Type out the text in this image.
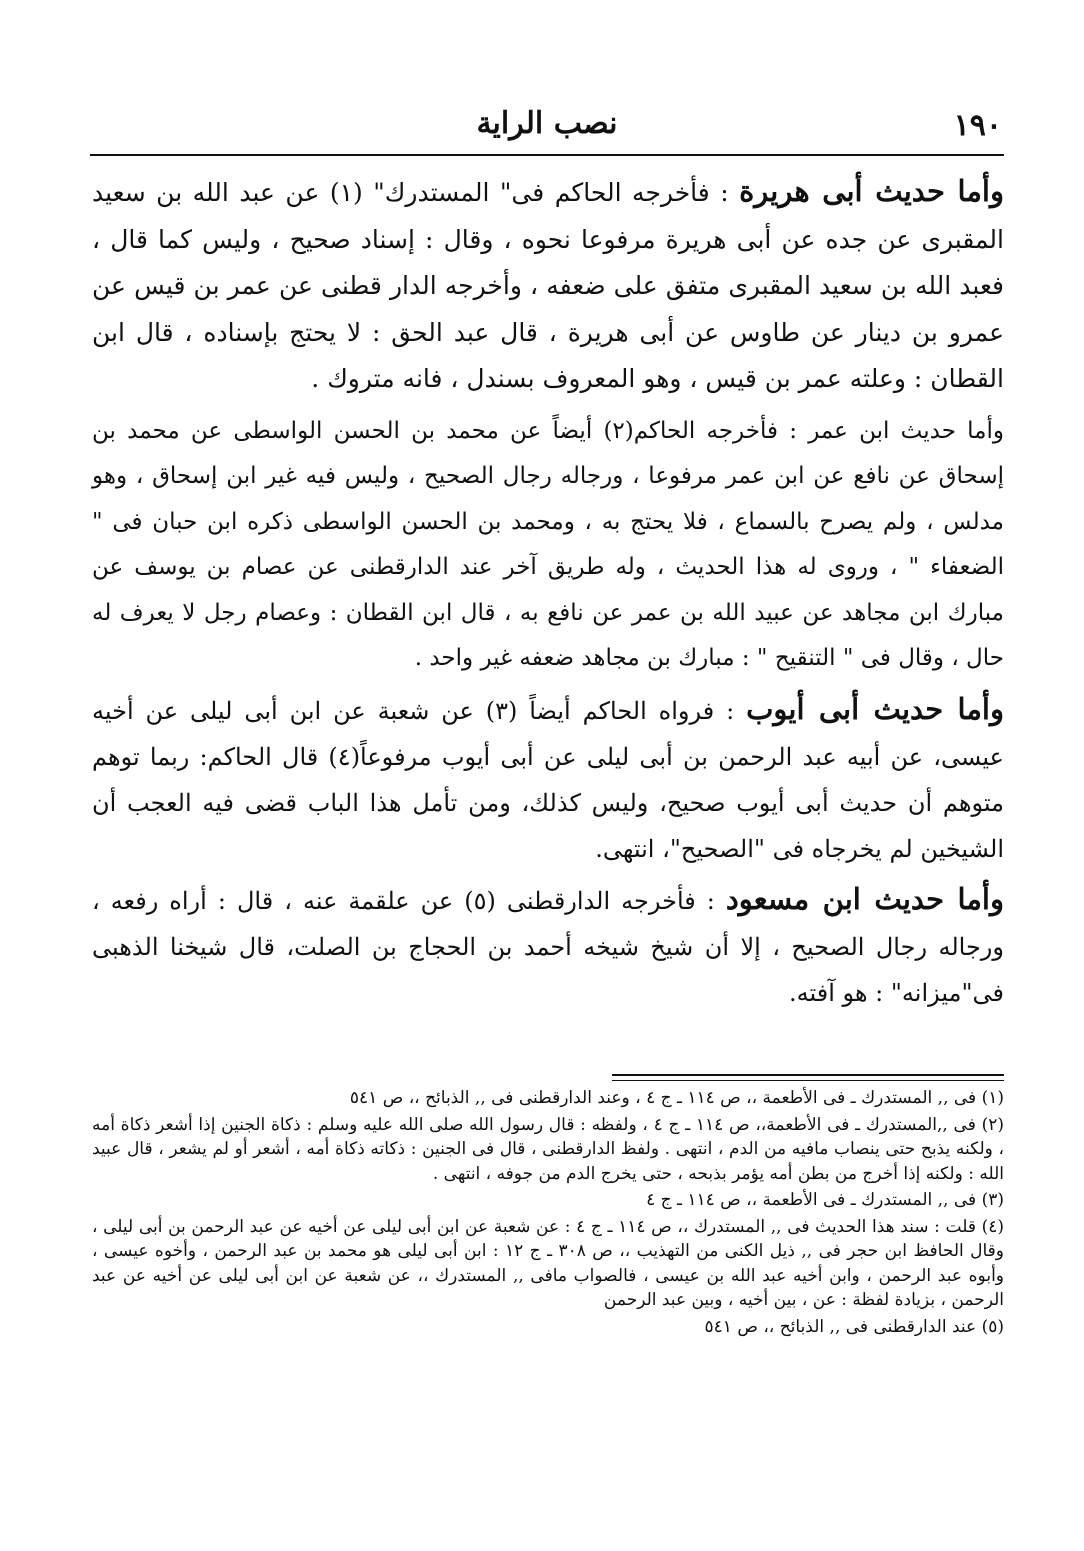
١٩٠
نصب الراية

وأما حديث أبى هريرة : فأخرجه الحاكم فى" المستدرك" (١) عن عبد الله بن سعيد المقبرى عن جده عن أبى هريرة مرفوعا نحوه ، وقال : إسناد صحيح ، وليس كما قال ، فعبد الله بن سعيد المقبرى متفق على ضعفه ، وأخرجه الدار قطنى عن عمر بن قيس عن عمرو بن دينار عن طاوس عن أبى هريرة ، قال عبد الحق : لا يحتج بإسناده ، قال ابن القطان : وعلته عمر بن قيس ، وهو المعروف بسندل ، فانه متروك .

وأما حديث ابن عمر : فأخرجه الحاكم(٢) أيضاً عن محمد بن الحسن الواسطى عن محمد بن إسحاق عن نافع عن ابن عمر مرفوعا ، ورجاله رجال الصحيح ، وليس فيه غير ابن إسحاق ، وهو مدلس ، ولم يصرح بالسماع ، فلا يحتج به ، ومحمد بن الحسن الواسطى ذكره ابن حبان فى " الضعفاء " ، وروى له هذا الحديث ، وله طريق آخر عند الدارقطنى عن عصام بن يوسف عن مبارك ابن مجاهد عن عبيد الله بن عمر عن نافع به ، قال ابن القطان : وعصام رجل لا يعرف له حال ، وقال فى " التنقيح " : مبارك بن مجاهد ضعفه غير واحد .

وأما حديث أبى أيوب : فرواه الحاكم أيضاً (٣) عن شعبة عن ابن أبى ليلى عن أخيه عيسى، عن أبيه عبد الرحمن بن أبى ليلى عن أبى أيوب مرفوعاً(٤) قال الحاكم: ربما توهم متوهم أن حديث أبى أيوب صحيح، وليس كذلك، ومن تأمل هذا الباب قضى فيه العجب أن الشيخين لم يخرجاه فى "الصحيح"، انتهى.

وأما حديث ابن مسعود : فأخرجه الدارقطنى (٥) عن علقمة عنه ، قال : أراه رفعه ، ورجاله رجال الصحيح ، إلا أن شيخ شيخه أحمد بن الحجاج بن الصلت، قال شيخنا الذهبى فى"ميزانه" : هو آفته.

(١) فى ,, المستدرك ـ فى الأطعمة ،، ص ١١٤ ـ ج ٤ ، وعند الدارقطنى فى ,, الذبائح ،، ص ٥٤١

(٢) فى ,,المستدرك ـ فى الأطعمة،، ص ١١٤ ـ ج ٤ ، ولفظه : قال رسول الله صلى الله عليه وسلم : ذكاة الجنين إذا أشعر ذكاة أمه ، ولكنه يذبح حتى ينصاب مافيه من الدم ، انتهى . ولفظ الدارقطنى ، قال فى الجنين : ذكاته ذكاة أمه ، أشعر أو لم يشعر ، قال عبيد الله : ولكنه إذا أخرج من بطن أمه يؤمر بذبحه ، حتى يخرج الدم من جوفه ، انتهى .

(٣) فى ,, المستدرك ـ فى الأطعمة ،، ص ١١٤ ـ ج ٤

(٤) قلت : سند هذا الحديث فى ,, المستدرك ،، ص ١١٤ ـ ج ٤ : عن شعبة عن ابن أبى ليلى عن أخيه عن عبد الرحمن بن أبى ليلى ، وقال الحافظ ابن حجر فى ,, ذيل الكنى من التهذيب ،، ص ٣٠٨ ـ ج ١٢ : ابن أبى ليلى هو محمد بن عبد الرحمن ، وأخوه عيسى ، وأبوه عبد الرحمن ، وابن أخيه عبد الله بن عيسى ، فالصواب مافى ,, المستدرك ،، عن شعبة عن ابن أبى ليلى عن أخيه عن عبد الرحمن ، بزيادة لفظة : عن ، بين أخيه ، وبين عبد الرحمن

(٥) عند الدارقطنى فى ,, الذبائح ،، ص ٥٤١
